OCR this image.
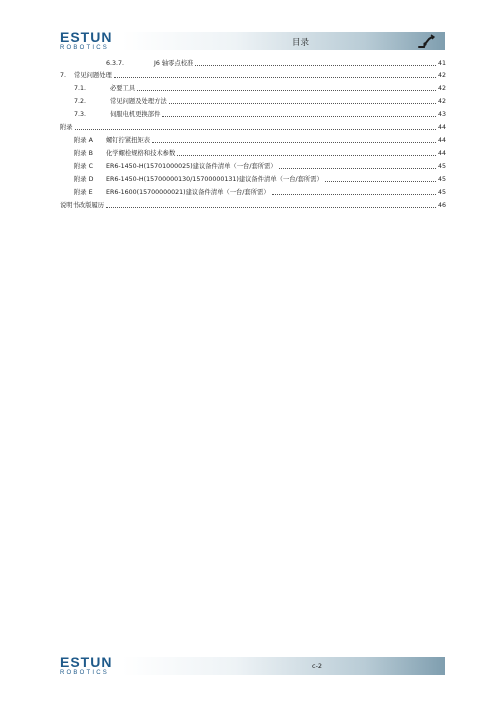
ESTUN
ROBOTICS	目录
6.3.7.	J6 轴零点校准	41
7.	常见问题处理	42
7.1.	必要工具	42
7.2.	常见问题及处理方法	42
7.3.	伺服电机更换部件	43
附录	44
附录 A	螺钉拧紧扭矩表	44
附录 B	化学螺栓规格和技术参数	44
附录 C	ER6-1450-H(15701000025)建议备件清单（一台/套所需）	45
附录 D	ER6-1450-H(15700000130/15700000131)建议备件清单（一台/套所需）	45
附录 E	ER6-1600(15700000021)建议备件清单（一台/套所需）	45
说明书改版履历	46
ESTUN
ROBOTICS
c-2
